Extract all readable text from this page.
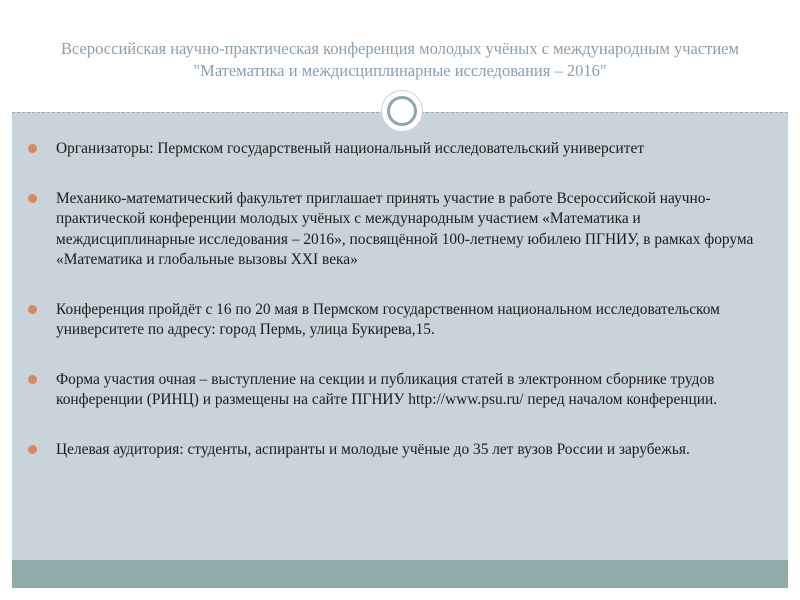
Всероссийская научно-практическая конференция молодых учёных с международным участием "Математика и междисциплинарные исследования – 2016"
Организаторы: Пермском государственый национальный исследовательский университет
Механико-математический факультет приглашает принять участие в работе Всероссийской научно-практической конференции молодых учёных с международным участием «Математика и междисциплинарные исследования – 2016», посвящённой 100-летнему юбилею ПГНИУ, в рамках форума «Математика и глобальные вызовы XXI века»
Конференция пройдёт с 16 по 20 мая в Пермском государственном национальном исследовательском университете по адресу: город Пермь, улица Букирева,15.
Форма участия очная – выступление на секции и публикация статей в электронном сборнике трудов конференции (РИНЦ) и размещены на сайте ПГНИУ http://www.psu.ru/ перед началом конференции.
Целевая аудитория: студенты, аспиранты и молодые учёные до 35 лет вузов России и зарубежья.
